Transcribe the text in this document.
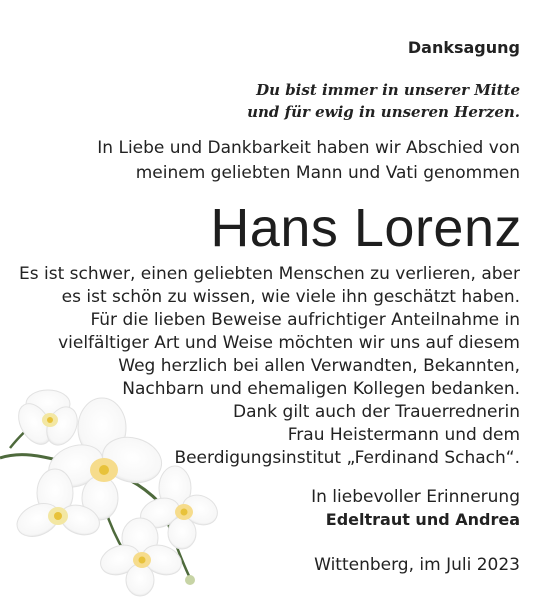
Danksagung
Du bist immer in unserer Mitte
und für ewig in unseren Herzen.
In Liebe und Dankbarkeit haben wir Abschied von
meinem geliebten Mann und Vati genommen
Hans Lorenz
Es ist schwer, einen geliebten Menschen zu verlieren, aber
es ist schön zu wissen, wie viele ihn geschätzt haben.
Für die lieben Beweise aufrichtiger Anteilnahme in
vielfältiger Art und Weise möchten wir uns auf diesem
Weg herzlich bei allen Verwandten, Bekannten,
Nachbarn und ehemaligen Kollegen bedanken.
Dank gilt auch der Trauerrednerin
Frau Heistermann und dem
Beerdigungsinstitut „Ferdinand Schach“.
In liebevoller Erinnerung
Edeltraut und Andrea
Wittenberg, im Juli 2023
